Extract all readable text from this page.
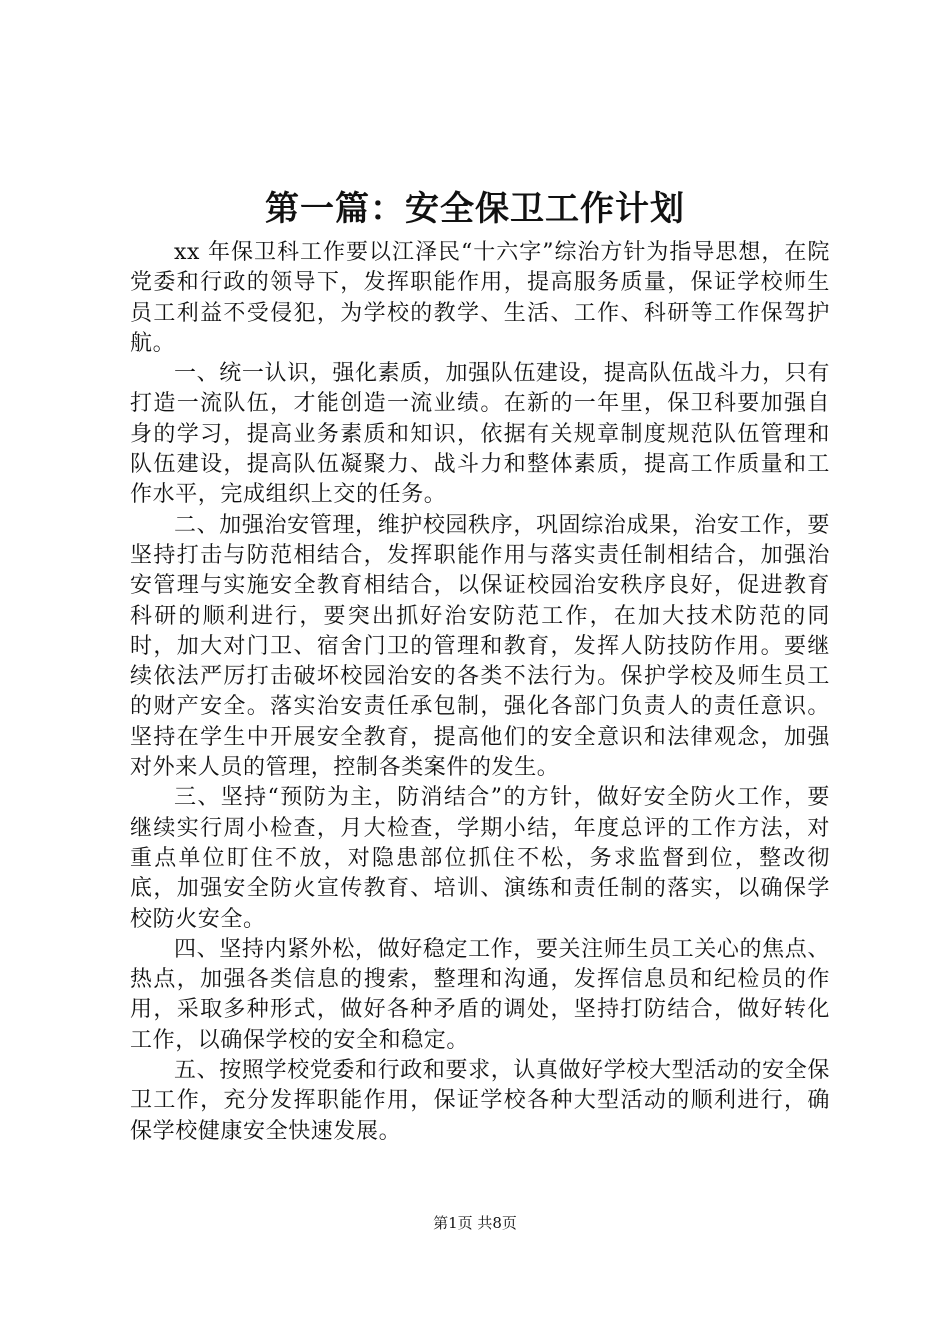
第一篇：安全保卫工作计划

xx 年保卫科工作要以江泽民“十六字”综治方针为指导思想，在院党委和行政的领导下，发挥职能作用，提高服务质量，保证学校师生员工利益不受侵犯，为学校的教学、生活、工作、科研等工作保驾护航。

一、统一认识，强化素质，加强队伍建设，提高队伍战斗力，只有打造一流队伍，才能创造一流业绩。在新的一年里，保卫科要加强自身的学习，提高业务素质和知识，依据有关规章制度规范队伍管理和队伍建设，提高队伍凝聚力、战斗力和整体素质，提高工作质量和工作水平，完成组织上交的任务。

二、加强治安管理，维护校园秩序，巩固综治成果，治安工作，要坚持打击与防范相结合，发挥职能作用与落实责任制相结合，加强治安管理与实施安全教育相结合，以保证校园治安秩序良好，促进教育科研的顺利进行，要突出抓好治安防范工作，在加大技术防范的同时，加大对门卫、宿舍门卫的管理和教育，发挥人防技防作用。要继续依法严厉打击破坏校园治安的各类不法行为。保护学校及师生员工的财产安全。落实治安责任承包制，强化各部门负责人的责任意识。坚持在学生中开展安全教育，提高他们的安全意识和法律观念，加强对外来人员的管理，控制各类案件的发生。

三、坚持“预防为主，防消结合”的方针，做好安全防火工作，要继续实行周小检查，月大检查，学期小结，年度总评的工作方法，对重点单位盯住不放，对隐患部位抓住不松，务求监督到位，整改彻底，加强安全防火宣传教育、培训、演练和责任制的落实，以确保学校防火安全。

四、坚持内紧外松，做好稳定工作，要关注师生员工关心的焦点、热点，加强各类信息的搜索，整理和沟通，发挥信息员和纪检员的作用，采取多种形式，做好各种矛盾的调处，坚持打防结合，做好转化工作，以确保学校的安全和稳定。

五、按照学校党委和行政和要求，认真做好学校大型活动的安全保卫工作，充分发挥职能作用，保证学校各种大型活动的顺利进行，确保学校健康安全快速发展。

第1页 共8页
